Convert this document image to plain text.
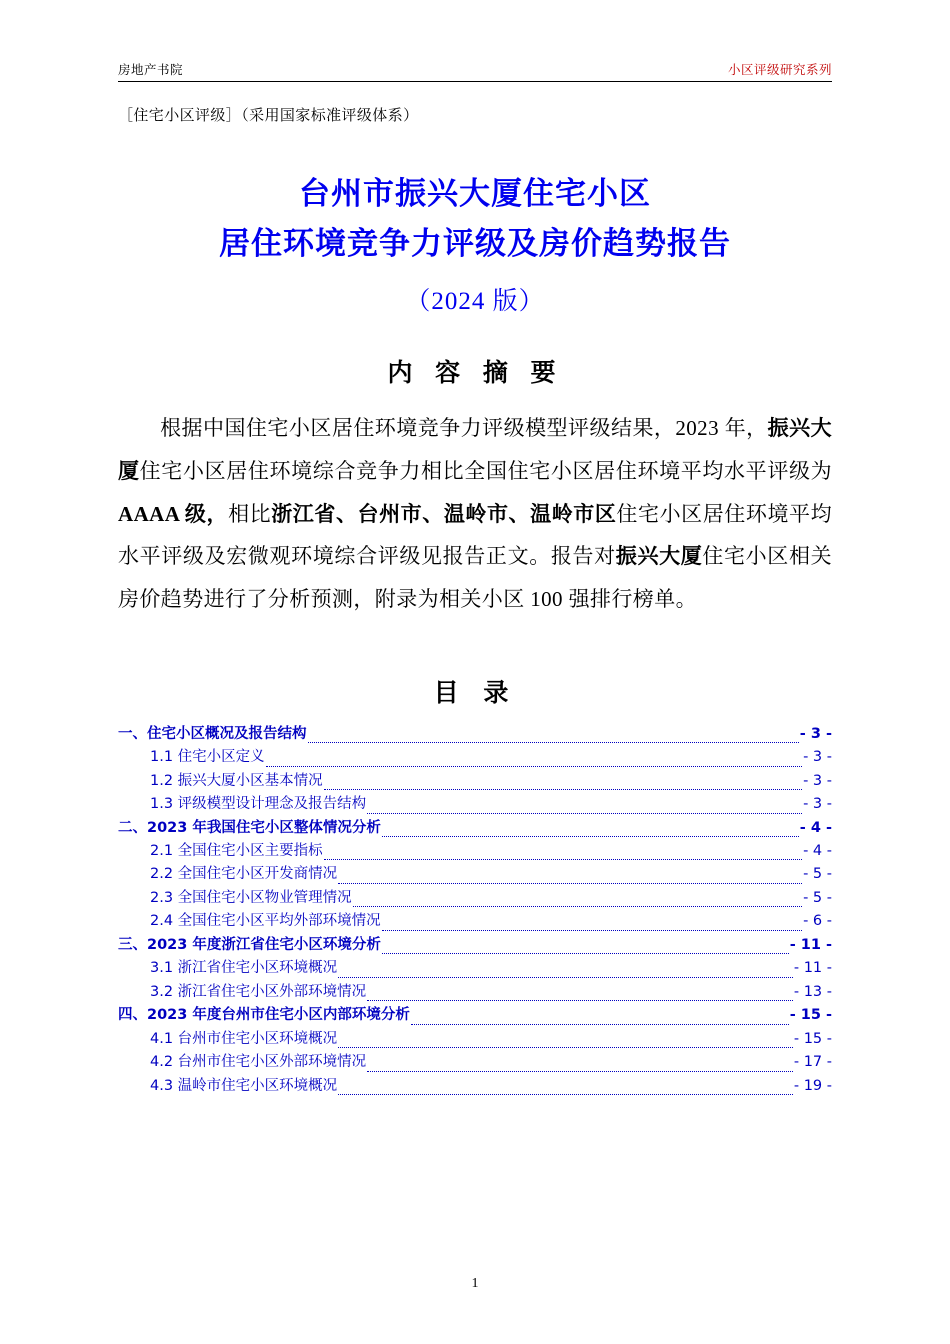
房地产书院	小区评级研究系列
［住宅小区评级］（采用国家标准评级体系）
台州市振兴大厦住宅小区
居住环境竞争力评级及房价趋势报告
（2024 版）
内 容 摘 要
根据中国住宅小区居住环境竞争力评级模型评级结果，2023 年，振兴大厦住宅小区居住环境综合竞争力相比全国住宅小区居住环境平均水平评级为 AAAA 级，相比浙江省、台州市、温岭市、温岭市区住宅小区居住环境平均水平评级及宏微观环境综合评级见报告正文。报告对振兴大厦住宅小区相关房价趋势进行了分析预测，附录为相关小区 100 强排行榜单。
目 录
一、住宅小区概况及报告结构	- 3 -
1.1 住宅小区定义	- 3 -
1.2 振兴大厦小区基本情况	- 3 -
1.3 评级模型设计理念及报告结构	- 3 -
二、2023 年我国住宅小区整体情况分析	- 4 -
2.1 全国住宅小区主要指标	- 4 -
2.2 全国住宅小区开发商情况	- 5 -
2.3 全国住宅小区物业管理情况	- 5 -
2.4 全国住宅小区平均外部环境情况	- 6 -
三、2023 年度浙江省住宅小区环境分析	- 11 -
3.1 浙江省住宅小区环境概况	- 11 -
3.2 浙江省住宅小区外部环境情况	- 13 -
四、2023 年度台州市住宅小区内部环境分析	- 15 -
4.1 台州市住宅小区环境概况	- 15 -
4.2 台州市住宅小区外部环境情况	- 17 -
4.3 温岭市住宅小区环境概况	- 19 -
1
